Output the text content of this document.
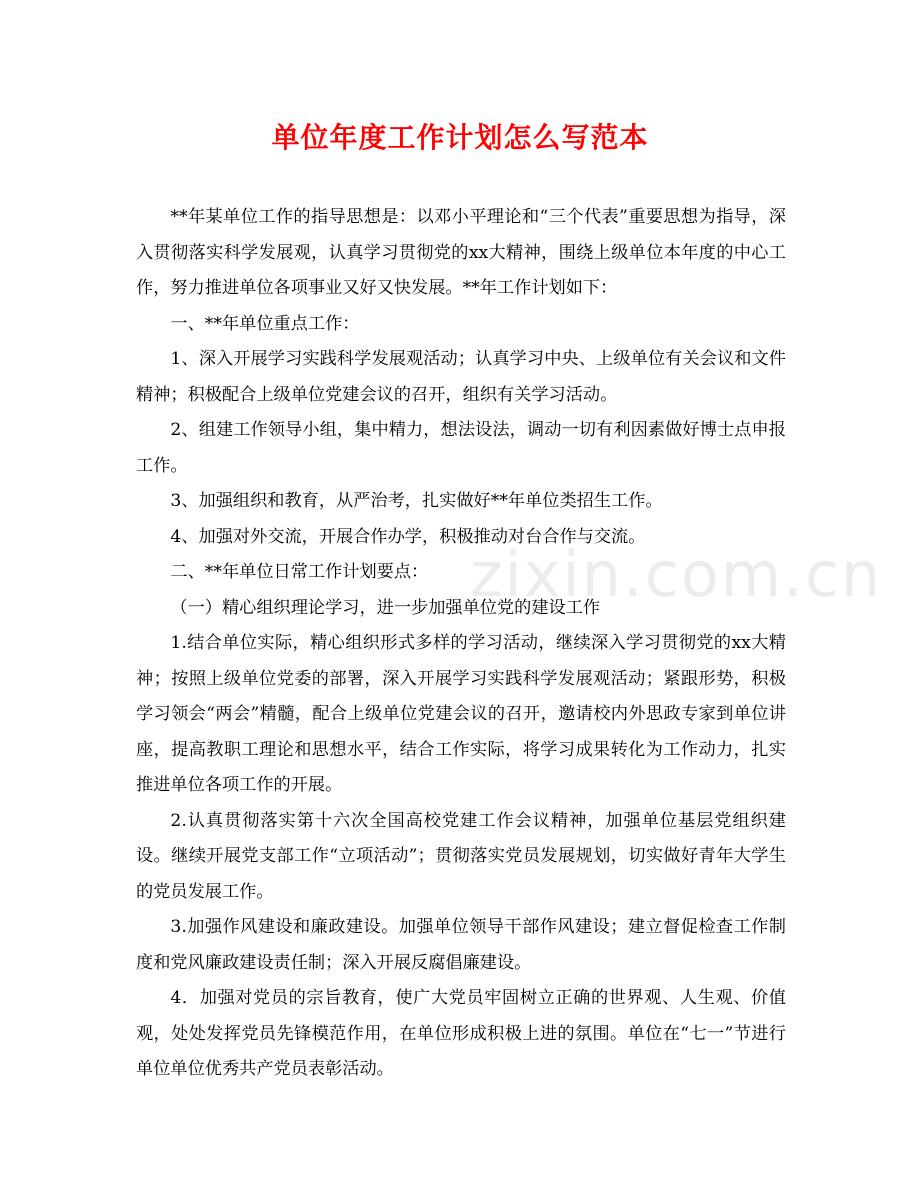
zixin.com.cn
单位年度工作计划怎么写范本

**年某单位工作的指导思想是：以邓小平理论和“三个代表”重要思想为指导，深入贯彻落实科学发展观，认真学习贯彻党的xx大精神，围绕上级单位本年度的中心工作，努力推进单位各项事业又好又快发展。**年工作计划如下：

一、**年单位重点工作：

1、深入开展学习实践科学发展观活动；认真学习中央、上级单位有关会议和文件精神；积极配合上级单位党建会议的召开，组织有关学习活动。

2、组建工作领导小组，集中精力，想法设法，调动一切有利因素做好博士点申报工作。

3、加强组织和教育，从严治考，扎实做好**年单位类招生工作。

4、加强对外交流，开展合作办学，积极推动对台合作与交流。

二、**年单位日常工作计划要点：

（一）精心组织理论学习，进一步加强单位党的建设工作

1.结合单位实际，精心组织形式多样的学习活动，继续深入学习贯彻党的xx大精神；按照上级单位党委的部署，深入开展学习实践科学发展观活动；紧跟形势，积极学习领会“两会”精髓，配合上级单位党建会议的召开，邀请校内外思政专家到单位讲座，提高教职工理论和思想水平，结合工作实际，将学习成果转化为工作动力，扎实推进单位各项工作的开展。

2.认真贯彻落实第十六次全国高校党建工作会议精神，加强单位基层党组织建设。继续开展党支部工作“立项活动”；贯彻落实党员发展规划，切实做好青年大学生的党员发展工作。

3.加强作风建设和廉政建设。加强单位领导干部作风建设；建立督促检查工作制度和党风廉政建设责任制；深入开展反腐倡廉建设。

4．加强对党员的宗旨教育，使广大党员牢固树立正确的世界观、人生观、价值观，处处发挥党员先锋模范作用，在单位形成积极上进的氛围。单位在“七一”节进行单位单位优秀共产党员表彰活动。
